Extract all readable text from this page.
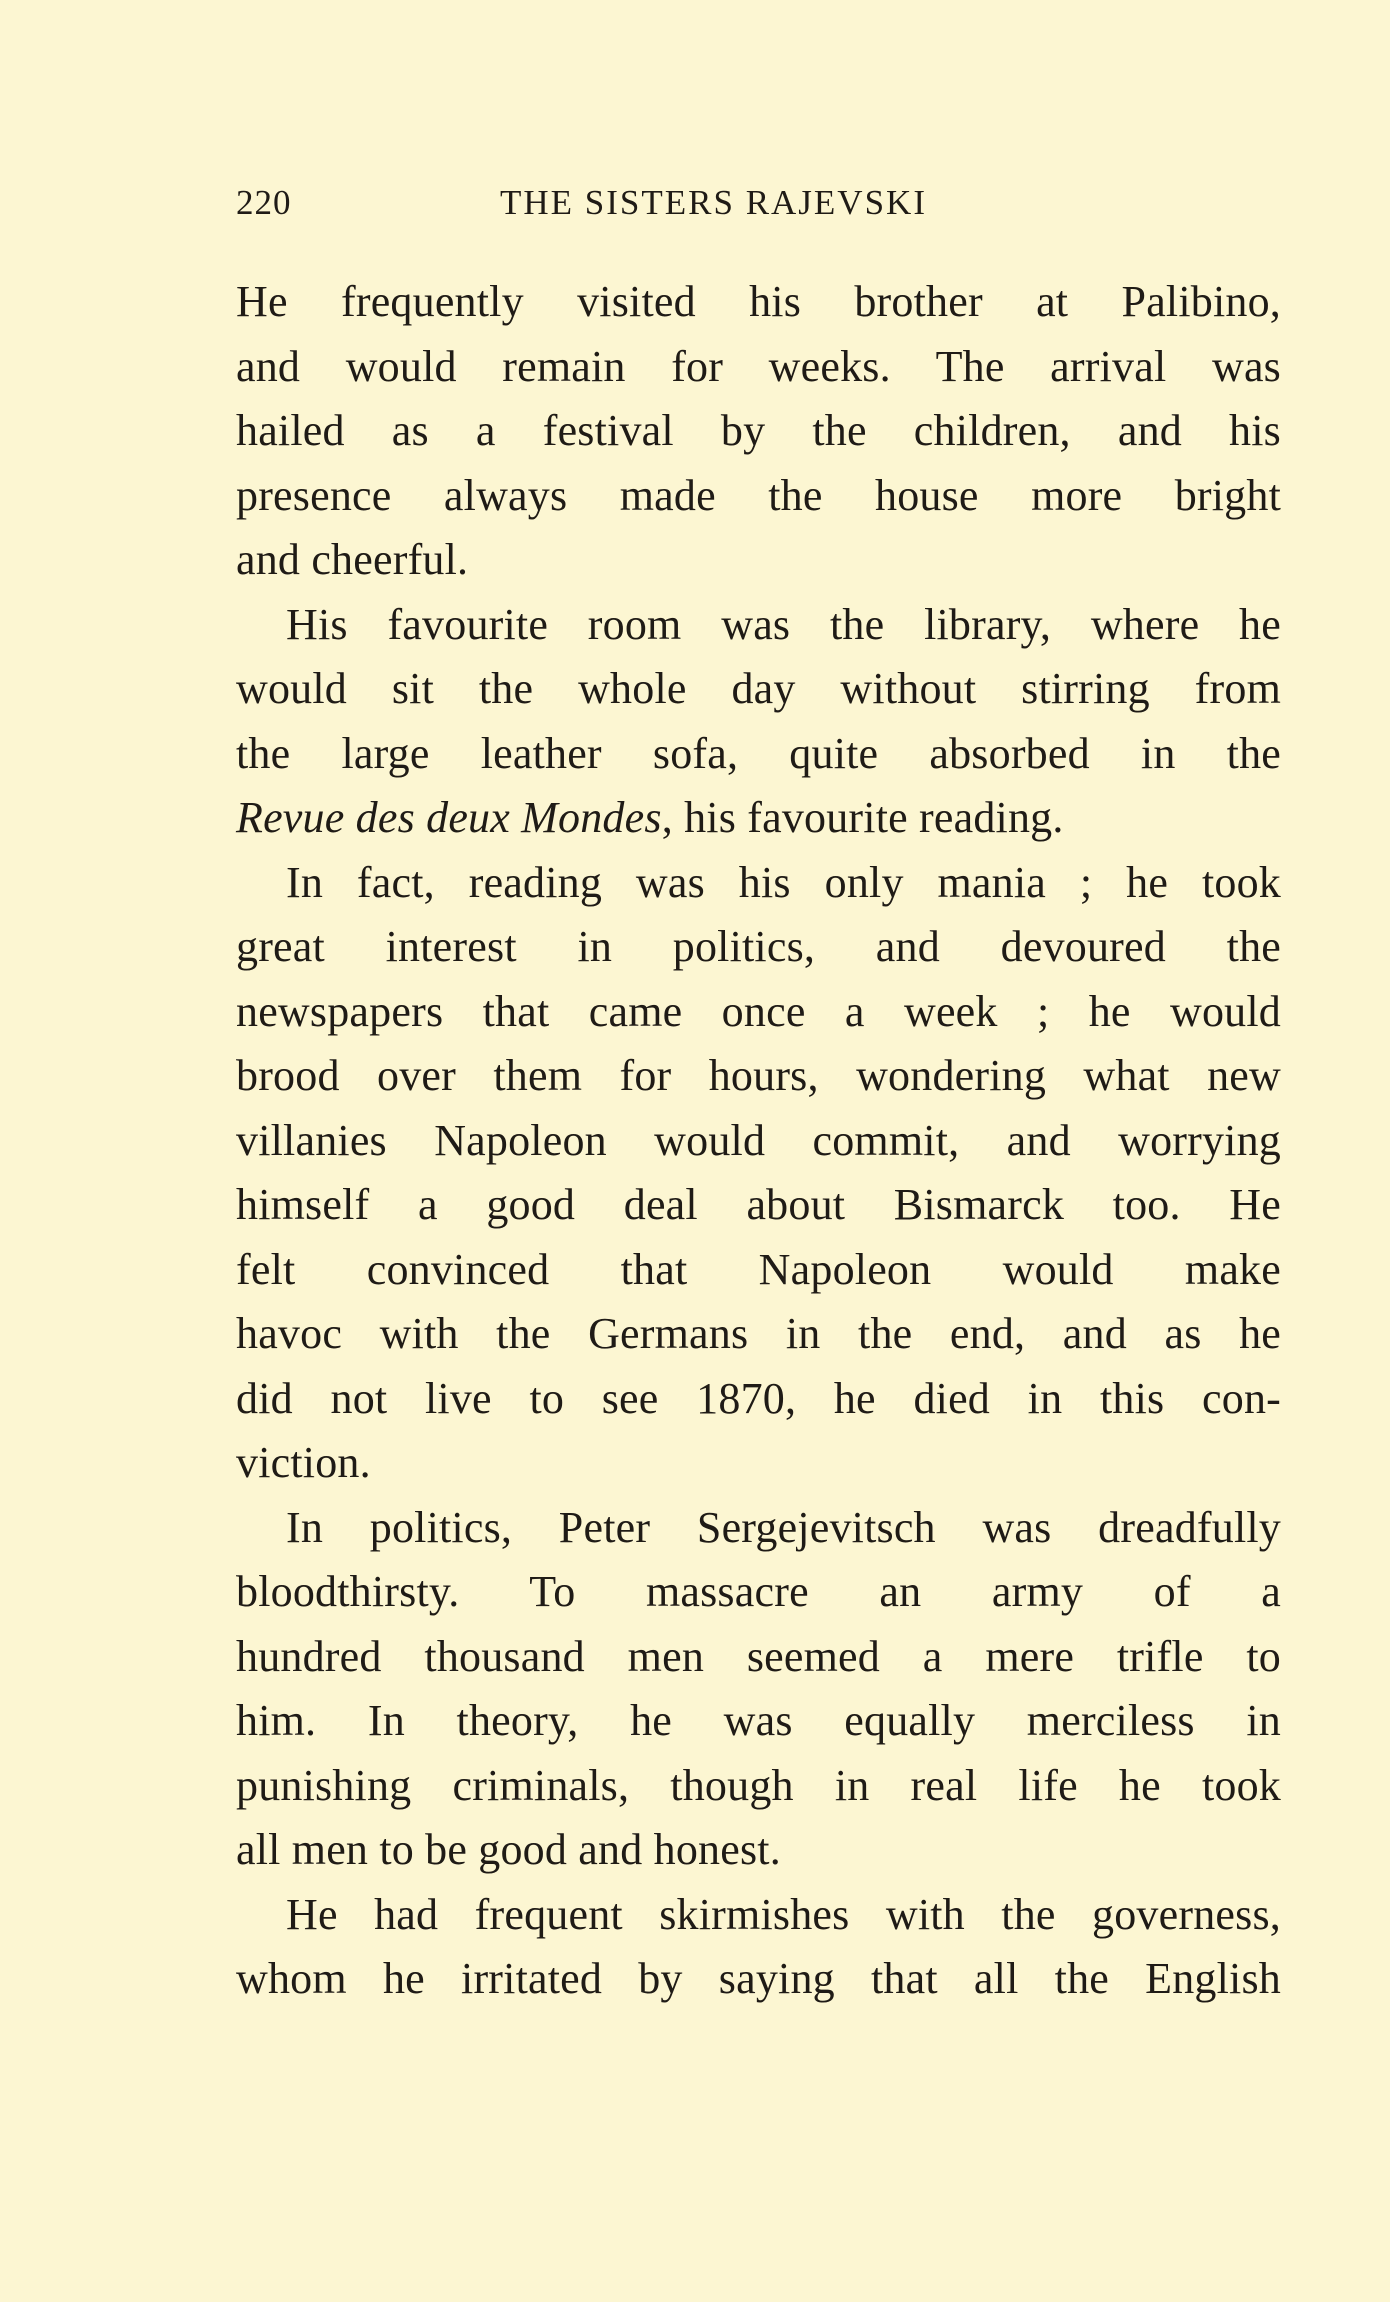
220	THE SISTERS RAJEVSKI
He frequently visited his brother at Palibino,
and would remain for weeks. The arrival was
hailed as a festival by the children, and his
presence always made the house more bright
and cheerful.
His favourite room was the library, where he
would sit the whole day without stirring from
the large leather sofa, quite absorbed in the
Revue des deux Mondes, his favourite reading.
In fact, reading was his only mania ; he took
great interest in politics, and devoured the
newspapers that came once a week ; he would
brood over them for hours, wondering what new
villanies Napoleon would commit, and worrying
himself a good deal about Bismarck too. He
felt convinced that Napoleon would make
havoc with the Germans in the end, and as he
did not live to see 1870, he died in this con-
viction.
In politics, Peter Sergejevitsch was dreadfully
bloodthirsty. To massacre an army of a
hundred thousand men seemed a mere trifle to
him. In theory, he was equally merciless in
punishing criminals, though in real life he took
all men to be good and honest.
He had frequent skirmishes with the governess,
whom he irritated by saying that all the English
